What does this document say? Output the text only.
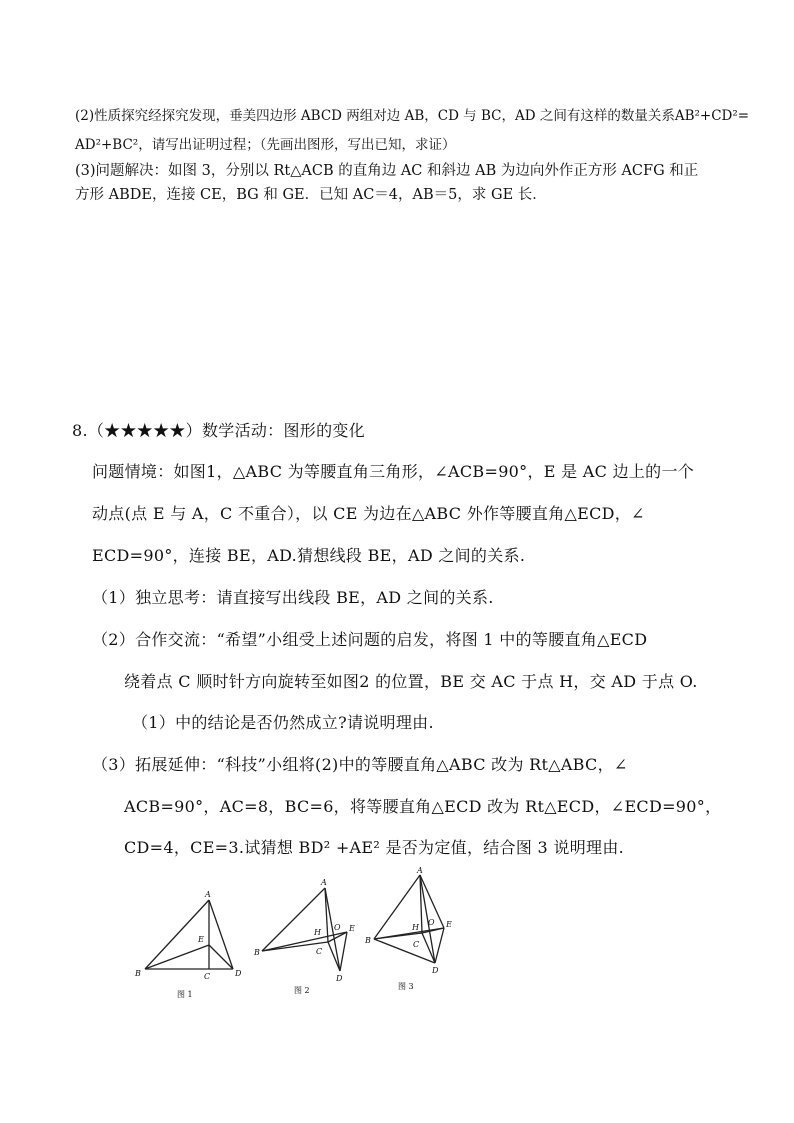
(2)性质探究经探究发现，垂美四边形 ABCD 两组对边 AB，CD 与 BC，AD 之间有这样的数量关系AB²+CD²=
AD²+BC²，请写出证明过程；（先画出图形，写出已知，求证）
(3)问题解决：如图 3，分别以 Rt△ACB 的直角边 AC 和斜边 AB 为边向外作正方形 ACFG 和正
方形 ABDE，连接 CE，BG 和 GE．已知 AC＝4，AB＝5，求 GE 长．
8.（★★★★★）数学活动：图形的变化
问题情境：如图1，△ABC 为等腰直角三角形，∠ACB=90°，E 是 AC 边上的一个
动点(点 E 与 A，C 不重合），以 CE 为边在△ABC 外作等腰直角△ECD，∠
ECD=90°，连接 BE，AD.猜想线段 BE，AD 之间的关系.
（1）独立思考：请直接写出线段 BE，AD 之间的关系.
（2）合作交流：“希望”小组受上述问题的启发，将图 1 中的等腰直角△ECD
绕着点 C 顺时针方向旋转至如图2 的位置，BE 交 AC 于点 H，交 AD 于点 O.
（1）中的结论是否仍然成立?请说明理由.
（3）拓展延伸：“科技”小组将(2)中的等腰直角△ABC 改为 Rt△ABC，∠
ACB=90°，AC=8，BC=6，将等腰直角△ECD 改为 Rt△ECD，∠ECD=90°，
CD=4，CE=3.试猜想 BD² +AE² 是否为定值，结合图 3 说明理由.
A
B	C	D
E
图 1
A
B	C
D
E
H
O
图 2
A
B	C
D
E
H
O
图 3
